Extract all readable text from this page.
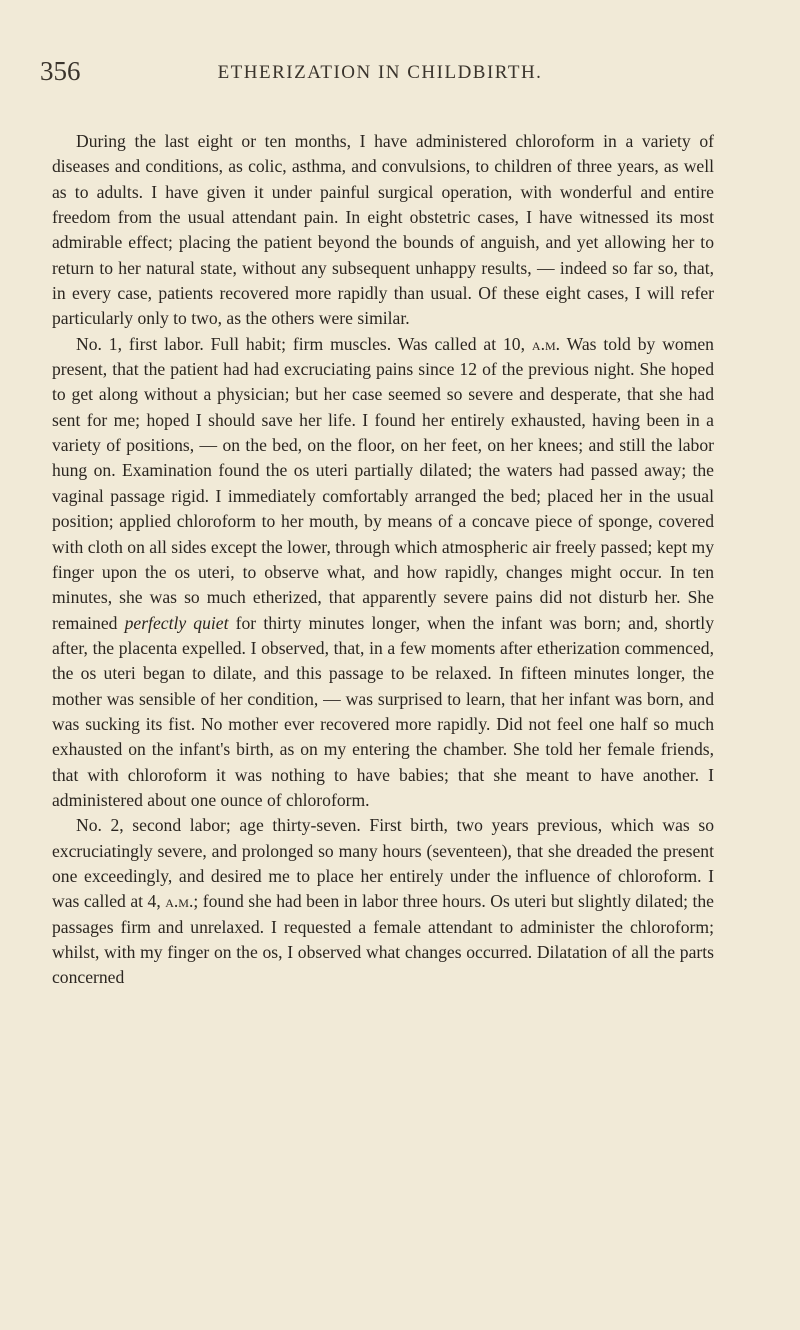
356	ETHERIZATION IN CHILDBIRTH.

During the last eight or ten months, I have administered chloroform in a variety of diseases and conditions, as colic, asthma, and convulsions, to children of three years, as well as to adults. I have given it under painful surgical operation, with wonderful and entire freedom from the usual attendant pain. In eight obstetric cases, I have witnessed its most admirable effect; placing the patient beyond the bounds of anguish, and yet allowing her to return to her natural state, without any subsequent unhappy results, — indeed so far so, that, in every case, patients recovered more rapidly than usual. Of these eight cases, I will refer particularly only to two, as the others were similar.

No. 1, first labor. Full habit; firm muscles. Was called at 10, a.m. Was told by women present, that the patient had had excruciating pains since 12 of the previous night. She hoped to get along without a physician; but her case seemed so severe and desperate, that she had sent for me; hoped I should save her life. I found her entirely exhausted, having been in a variety of positions, — on the bed, on the floor, on her feet, on her knees; and still the labor hung on. Examination found the os uteri partially dilated; the waters had passed away; the vaginal passage rigid. I immediately comfortably arranged the bed; placed her in the usual position; applied chloroform to her mouth, by means of a concave piece of sponge, covered with cloth on all sides except the lower, through which atmospheric air freely passed; kept my finger upon the os uteri, to observe what, and how rapidly, changes might occur. In ten minutes, she was so much etherized, that apparently severe pains did not disturb her. She remained perfectly quiet for thirty minutes longer, when the infant was born; and, shortly after, the placenta expelled. I observed, that, in a few moments after etherization commenced, the os uteri began to dilate, and this passage to be relaxed. In fifteen minutes longer, the mother was sensible of her condition, — was surprised to learn, that her infant was born, and was sucking its fist. No mother ever recovered more rapidly. Did not feel one half so much exhausted on the infant's birth, as on my entering the chamber. She told her female friends, that with chloroform it was nothing to have babies; that she meant to have another. I administered about one ounce of chloroform.

No. 2, second labor; age thirty-seven. First birth, two years previous, which was so excruciatingly severe, and prolonged so many hours (seventeen), that she dreaded the present one exceedingly, and desired me to place her entirely under the influence of chloroform. I was called at 4, a.m.; found she had been in labor three hours. Os uteri but slightly dilated; the passages firm and unrelaxed. I requested a female attendant to administer the chloroform; whilst, with my finger on the os, I observed what changes occurred. Dilatation of all the parts concerned
